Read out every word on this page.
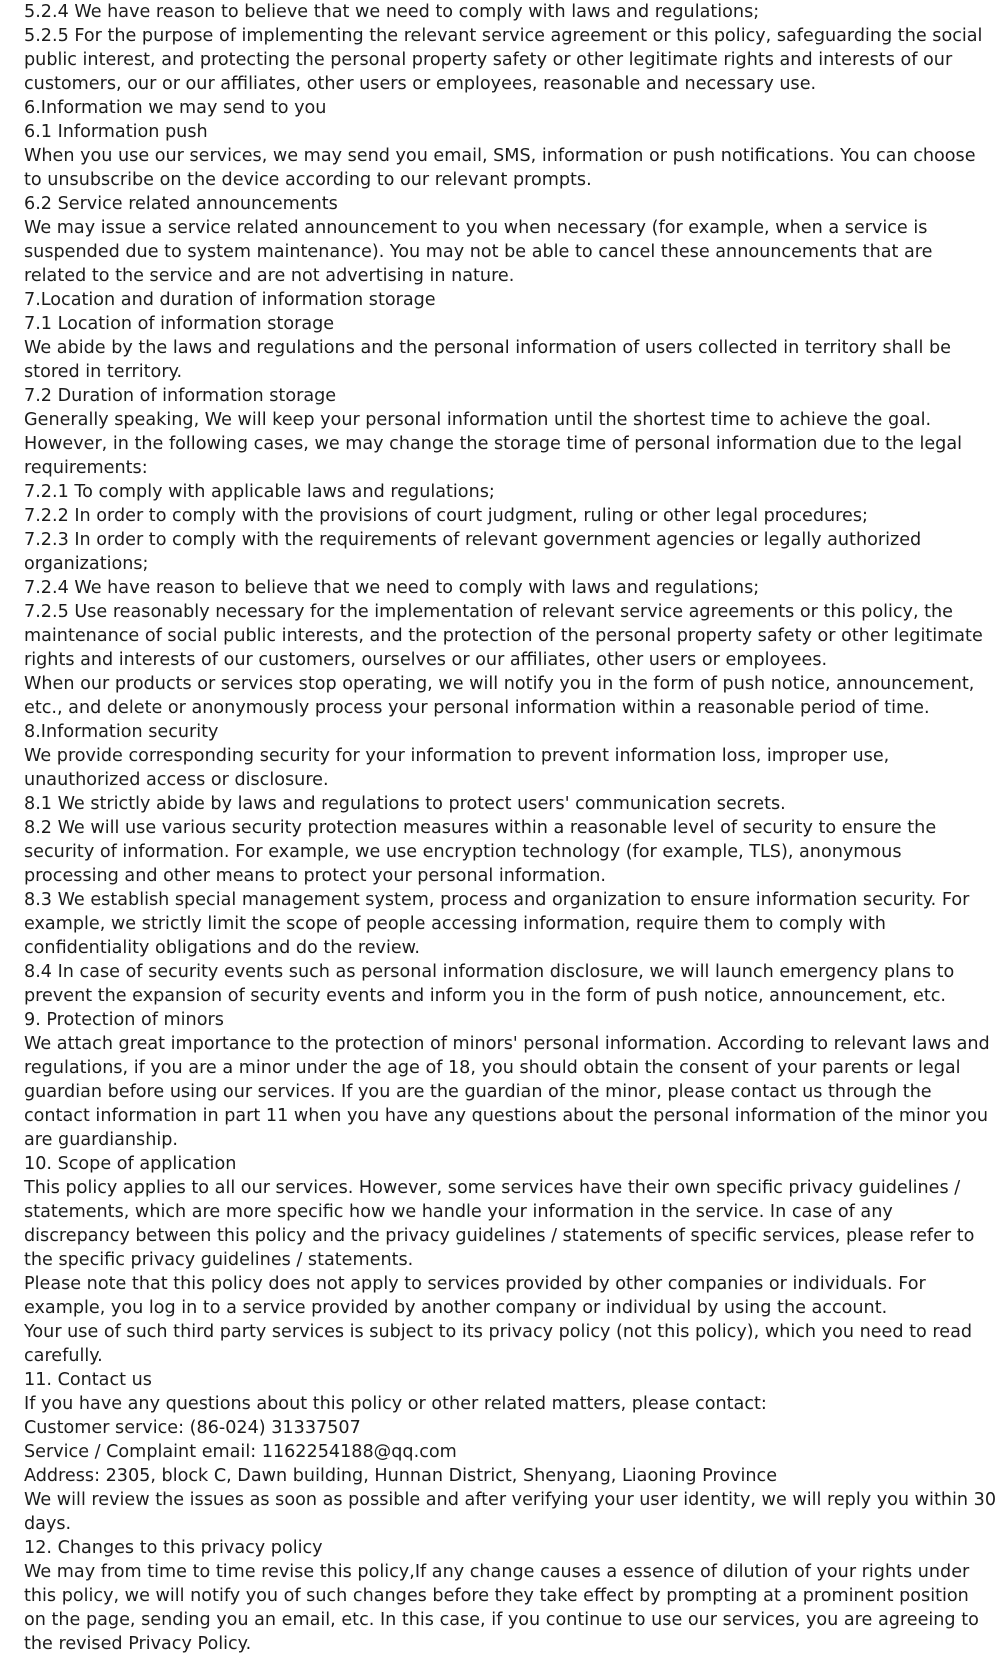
5.2.4 We have reason to believe that we need to comply with laws and regulations;

5.2.5 For the purpose of implementing the relevant service agreement or this policy, safeguarding the social public interest, and protecting the personal property safety or other legitimate rights and interests of our customers, our or our affiliates, other users or employees, reasonable and necessary use.

6.Information we may send to you

6.1 Information push

When you use our services, we may send you email, SMS, information or push notifications. You can choose to unsubscribe on the device according to our relevant prompts.

6.2 Service related announcements

We may issue a service related announcement to you when necessary (for example, when a service is suspended due to system maintenance). You may not be able to cancel these announcements that are related to the service and are not advertising in nature.

7.Location and duration of information storage

7.1 Location of information storage

We abide by the laws and regulations and the personal information of users collected in territory shall be stored in territory.

7.2 Duration of information storage

Generally speaking, We will keep your personal information until the shortest time to achieve the goal. However, in the following cases, we may change the storage time of personal information due to the legal requirements:

7.2.1 To comply with applicable laws and regulations;

7.2.2 In order to comply with the provisions of court judgment, ruling or other legal procedures;

7.2.3 In order to comply with the requirements of relevant government agencies or legally authorized organizations;

7.2.4 We have reason to believe that we need to comply with laws and regulations;

7.2.5 Use reasonably necessary for the implementation of relevant service agreements or this policy, the maintenance of social public interests, and the protection of the personal property safety or other legitimate rights and interests of our customers, ourselves or our affiliates, other users or employees.

When our products or services stop operating, we will notify you in the form of push notice, announcement, etc., and delete or anonymously process your personal information within a reasonable period of time.

8.Information security

We provide corresponding security for your information to prevent information loss, improper use, unauthorized access or disclosure.

8.1 We strictly abide by laws and regulations to protect users' communication secrets.

8.2 We will use various security protection measures within a reasonable level of security to ensure the security of information. For example, we use encryption technology (for example, TLS), anonymous processing and other means to protect your personal information.

8.3 We establish special management system, process and organization to ensure information security. For example, we strictly limit the scope of people accessing information, require them to comply with confidentiality obligations and do the review.

8.4 In case of security events such as personal information disclosure, we will launch emergency plans to prevent the expansion of security events and inform you in the form of push notice, announcement, etc.

9. Protection of minors

We attach great importance to the protection of minors' personal information. According to relevant laws and regulations, if you are a minor under the age of 18, you should obtain the consent of your parents or legal guardian before using our services. If you are the guardian of the minor, please contact us through the contact information in part 11 when you have any questions about the personal information of the minor you are guardianship.

10. Scope of application

This policy applies to all our services. However, some services have their own specific privacy guidelines / statements, which are more specific how we handle your information in the service. In case of any discrepancy between this policy and the privacy guidelines / statements of specific services, please refer to the specific privacy guidelines / statements.

Please note that this policy does not apply to services provided by other companies or individuals. For example, you log in to a service provided by another company or individual by using the account.

Your use of such third party services is subject to its privacy policy (not this policy), which you need to read carefully.

11. Contact us

If you have any questions about this policy or other related matters, please contact:

Customer service: (86-024) 31337507

Service / Complaint email: 1162254188@qq.com

Address: 2305, block C, Dawn building, Hunnan District, Shenyang, Liaoning Province

We will review the issues as soon as possible and after verifying your user identity, we will reply you within 30 days.

12. Changes to this privacy policy

We may from time to time revise this policy,If any change causes a essence of dilution of your rights under this policy, we will notify you of such changes before they take effect by prompting at a prominent position on the page, sending you an email, etc. In this case, if you continue to use our services, you are agreeing to the revised Privacy Policy.
